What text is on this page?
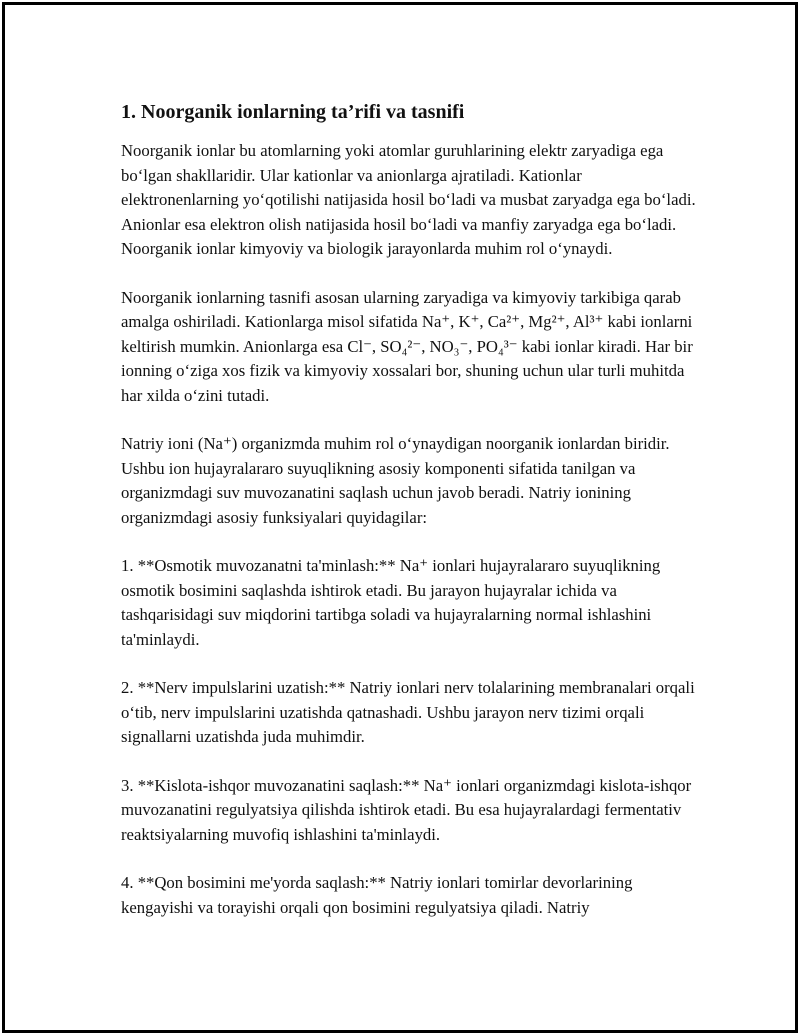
1. Noorganik ionlarning ta’rifi va tasnifi

Noorganik ionlar bu atomlarning yoki atomlar guruhlarining elektr zaryadiga ega bo‘lgan shakllaridir. Ular kationlar va anionlarga ajratiladi. Kationlar elektronenlarning yo‘qotilishi natijasida hosil bo‘ladi va musbat zaryadga ega bo‘ladi. Anionlar esa elektron olish natijasida hosil bo‘ladi va manfiy zaryadga ega bo‘ladi. Noorganik ionlar kimyoviy va biologik jarayonlarda muhim rol o‘ynaydi.

Noorganik ionlarning tasnifi asosan ularning zaryadiga va kimyoviy tarkibiga qarab amalga oshiriladi. Kationlarga misol sifatida Na⁺, K⁺, Ca²⁺, Mg²⁺, Al³⁺ kabi ionlarni keltirish mumkin. Anionlarga esa Cl⁻, SO₄²⁻, NO₃⁻, PO₄³⁻ kabi ionlar kiradi. Har bir ionning o‘ziga xos fizik va kimyoviy xossalari bor, shuning uchun ular turli muhitda har xilda o‘zini tutadi.

Natriy ioni (Na⁺) organizmda muhim rol o‘ynaydigan noorganik ionlardan biridir. Ushbu ion hujayralararo suyuqlikning asosiy komponenti sifatida tanilgan va organizmdagi suv muvozanatini saqlash uchun javob beradi. Natriy ionining organizmdagi asosiy funksiyalari quyidagilar:

1. **Osmotik muvozanatni ta'minlash:** Na⁺ ionlari hujayralararo suyuqlikning osmotik bosimini saqlashda ishtirok etadi. Bu jarayon hujayralar ichida va tashqarisidagi suv miqdorini tartibga soladi va hujayralarning normal ishlashini ta'minlaydi.

2. **Nerv impulslarini uzatish:** Natriy ionlari nerv tolalarining membranalari orqali o‘tib, nerv impulslarini uzatishda qatnashadi. Ushbu jarayon nerv tizimi orqali signallarni uzatishda juda muhimdir.

3. **Kislota-ishqor muvozanatini saqlash:** Na⁺ ionlari organizmdagi kislota-ishqor muvozanatini regulyatsiya qilishda ishtirok etadi. Bu esa hujayralardagi fermentativ reaktsiyalarning muvofiq ishlashini ta'minlaydi.

4. **Qon bosimini me'yorda saqlash:** Natriy ionlari tomirlar devorlarining kengayishi va torayishi orqali qon bosimini regulyatsiya qiladi. Natriy
